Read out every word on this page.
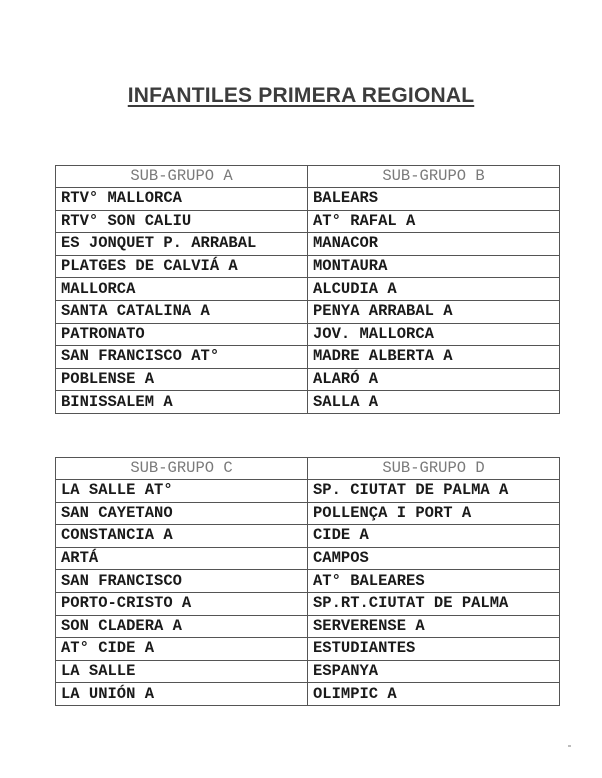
INFANTILES PRIMERA REGIONAL
SUB-GRUPO A	SUB-GRUPO B
RTV° MALLORCA	BALEARS
RTV° SON CALIU	AT° RAFAL A
ES JONQUET P. ARRABAL	MANACOR
PLATGES DE CALVIÁ A	MONTAURA
MALLORCA	ALCUDIA A
SANTA CATALINA A	PENYA ARRABAL A
PATRONATO	JOV. MALLORCA
SAN FRANCISCO AT°	MADRE ALBERTA A
POBLENSE A	ALARÓ A
BINISSALEM A	SALLA A
SUB-GRUPO C	SUB-GRUPO D
LA SALLE AT°	SP. CIUTAT DE PALMA A
SAN CAYETANO	POLLENÇA I PORT A
CONSTANCIA A	CIDE A
ARTÁ	CAMPOS
SAN FRANCISCO	AT° BALEARES
PORTO-CRISTO A	SP.RT.CIUTAT DE PALMA
SON CLADERA A	SERVERENSE A
AT° CIDE A	ESTUDIANTES
LA SALLE	ESPANYA
LA UNIÓN A	OLIMPIC A
